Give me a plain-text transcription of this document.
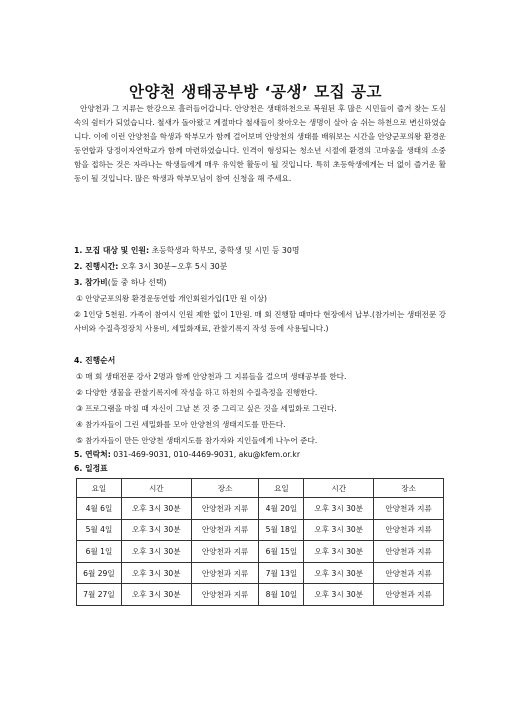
안양천 생태공부방 ‘공생’ 모집 공고

안양천과 그 지류는 한강으로 흘러들어갑니다. 안양천은 생태하천으로 복원된 후 많은 시민들이 즐겨 찾는 도심 속의 쉼터가 되었습니다. 철새가 돌아왔고 계절마다 철새들이 찾아오는 생명이 살아 숨 쉬는 하천으로 변신하였습니다. 이에 이런 안양천을 학생과 학부모가 함께 걸어보며 안양천의 생태를 배워보는 시간을 안양군포의왕 환경운동연합과 당정이자연학교가 함께 마련하였습니다. 인격이 형성되는 청소년 시절에 환경의 고마움을 생태의 소중함을 접하는 것은 자라나는 학생들에게 매우 유익한 활동이 될 것입니다. 특히 초등학생에게는 더 없이 즐거운 활동이 될 것입니다. 많은 학생과 학부모님이 참여 신청을 해 주세요.

1. 모집 대상 및 인원: 초등학생과 학부모, 중학생 및 시민 등 30명
2. 진행시간: 오후 3시 30분~오후 5시 30분
3. 참가비(둘 중 하나 선택)
① 안양군포의왕 환경운동연합 개인회원가입(1만 원 이상)
② 1인당 5천원. 가족이 참여시 인원 제한 없이 1만원. 매 회 진행할 때마다 현장에서 납부.(참가비는 생태전문 강사비와 수질측정장치 사용비, 세밀화재료, 관찰기록지 작성 등에 사용됩니다.)
4. 진행순서
① 매 회 생태전문 강사 2명과 함께 안양천과 그 지류들을 걸으며 생태공부를 한다.
② 다양한 생물을 관찰기록지에 작성을 하고 하천의 수질측정을 진행한다.
③ 프로그램을 마칠 때 자신이 그날 본 것 중 그리고 싶은 것을 세밀화로 그린다.
④ 참가자들이 그린 세밀화를 모아 안양천의 생태지도를 만든다.
⑤ 참가자들이 만든 안양천 생태지도를 참가자와 지인들에게 나누어 준다.
5. 연락처: 031-469-9031, 010-4469-9031, aku@kfem.or.kr
6. 일정표
요일	시간	장소	요일	시간	장소
4월 6일	오후 3시 30분	안양천과 지류	4월 20일	오후 3시 30분	안양천과 지류
5월 4일	오후 3시 30분	안양천과 지류	5월 18일	오후 3시 30분	안양천과 지류
6월 1일	오후 3시 30분	안양천과 지류	6월 15일	오후 3시 30분	안양천과 지류
6월 29일	오후 3시 30분	안양천과 지류	7월 13일	오후 3시 30분	안양천과 지류
7월 27일	오후 3시 30분	안양천과 지류	8월 10일	오후 3시 30분	안양천과 지류
